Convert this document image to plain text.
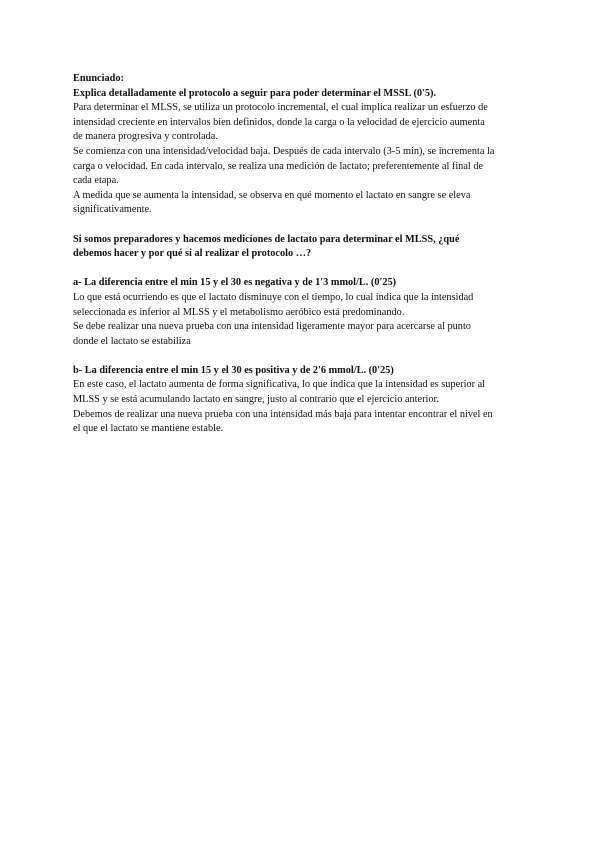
Enunciado:
Explica detalladamente el protocolo a seguir para poder determinar el MSSL (0'5).
Para determinar el MLSS, se utiliza un protocolo incremental, el cual implica realizar un esfuerzo de
intensidad creciente en intervalos bien definidos, donde la carga o la velocidad de ejercicio aumenta
de manera progresiva y controlada.
Se comienza con una intensidad/velocidad baja. Después de cada intervalo (3-5 min), se incrementa la
carga o velocidad. En cada intervalo, se realiza una medición de lactato; preferentemente al final de
cada etapa.
A medida que se aumenta la intensidad, se observa en qué momento el lactato en sangre se eleva
significativamente.
Si somos preparadores y hacemos mediciones de lactato para determinar el MLSS, ¿qué
debemos hacer y por qué si al realizar el protocolo …?
a- La diferencia entre el min 15 y el 30 es negativa y de 1'3 mmol/L. (0'25)
Lo que está ocurriendo es que el lactato disminuye con el tiempo, lo cual indica que la intensidad
seleccionada es inferior al MLSS y el metabolismo aeróbico está predominando.
Se debe realizar una nueva prueba con una intensidad ligeramente mayor para acercarse al punto
donde el lactato se estabiliza
b- La diferencia entre el min 15 y el 30 es positiva y de 2'6 mmol/L. (0'25)
En este caso, el lactato aumenta de forma significativa, lo que indica que la intensidad es superior al
MLSS y se está acumulando lactato en sangre, justo al contrario que el ejercicio anterior.
Debemos de realizar una nueva prueba con una intensidad más baja para intentar encontrar el nivel en
el que el lactato se mantiene estable.
